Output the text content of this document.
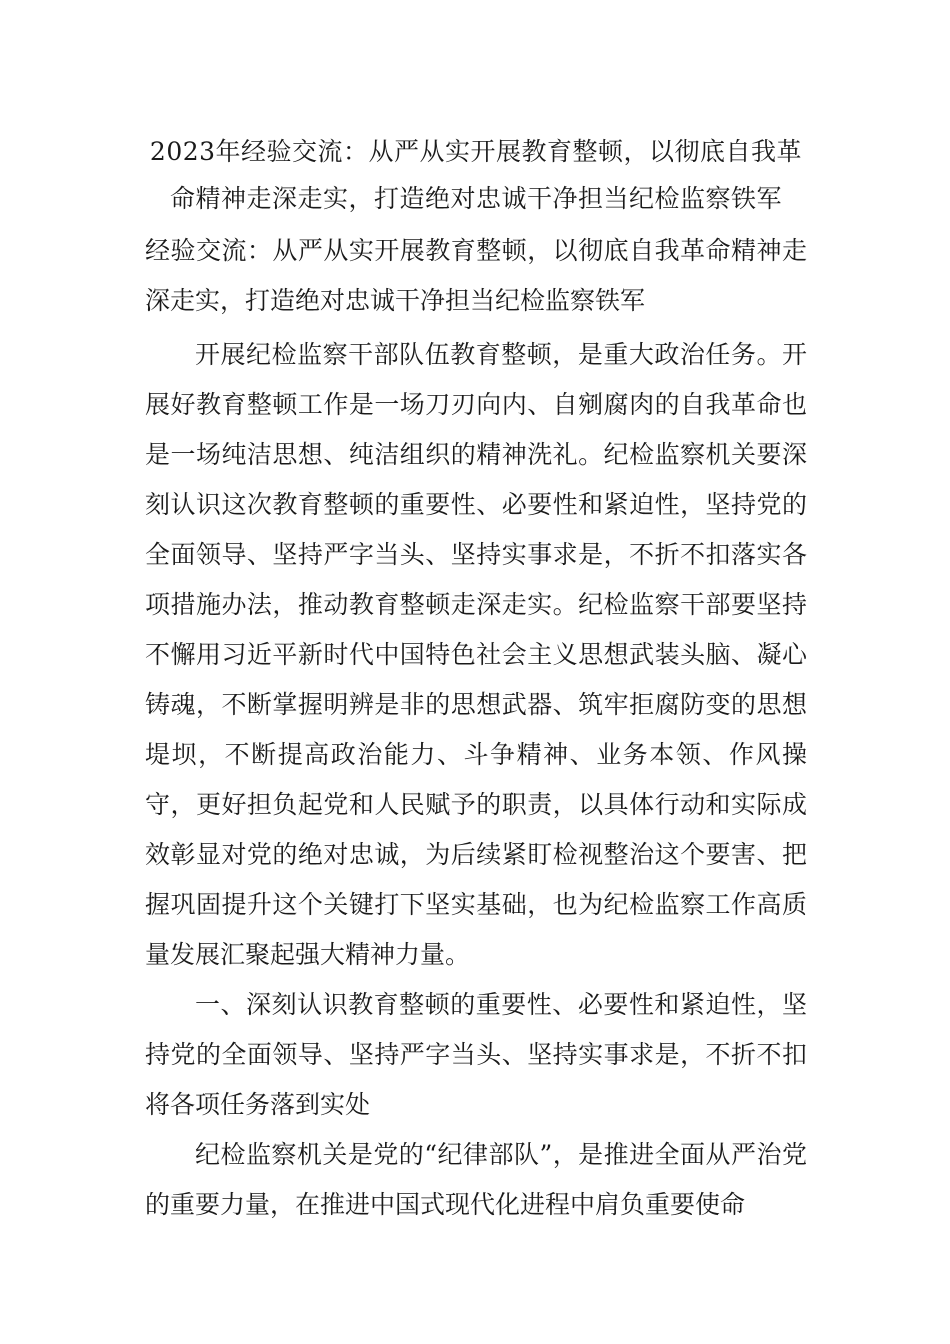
2023年经验交流：从严从实开展教育整顿，以彻底自我革
命精神走深走实，打造绝对忠诚干净担当纪检监察铁军

经验交流：从严从实开展教育整顿，以彻底自我革命精神走深走实，打造绝对忠诚干净担当纪检监察铁军

开展纪检监察干部队伍教育整顿，是重大政治任务。开展好教育整顿工作是一场刀刃向内、自剜腐肉的自我革命也是一场纯洁思想、纯洁组织的精神洗礼。纪检监察机关要深刻认识这次教育整顿的重要性、必要性和紧迫性，坚持党的全面领导、坚持严字当头、坚持实事求是，不折不扣落实各项措施办法，推动教育整顿走深走实。纪检监察干部要坚持不懈用习近平新时代中国特色社会主义思想武装头脑、凝心铸魂，不断掌握明辨是非的思想武器、筑牢拒腐防变的思想堤坝，不断提高政治能力、斗争精神、业务本领、作风操守，更好担负起党和人民赋予的职责，以具体行动和实际成效彰显对党的绝对忠诚，为后续紧盯检视整治这个要害、把握巩固提升这个关键打下坚实基础，也为纪检监察工作高质量发展汇聚起强大精神力量。

一、深刻认识教育整顿的重要性、必要性和紧迫性，坚持党的全面领导、坚持严字当头、坚持实事求是，不折不扣将各项任务落到实处

纪检监察机关是党的“纪律部队”，是推进全面从严治党的重要力量，在推进中国式现代化进程中肩负重要使命
